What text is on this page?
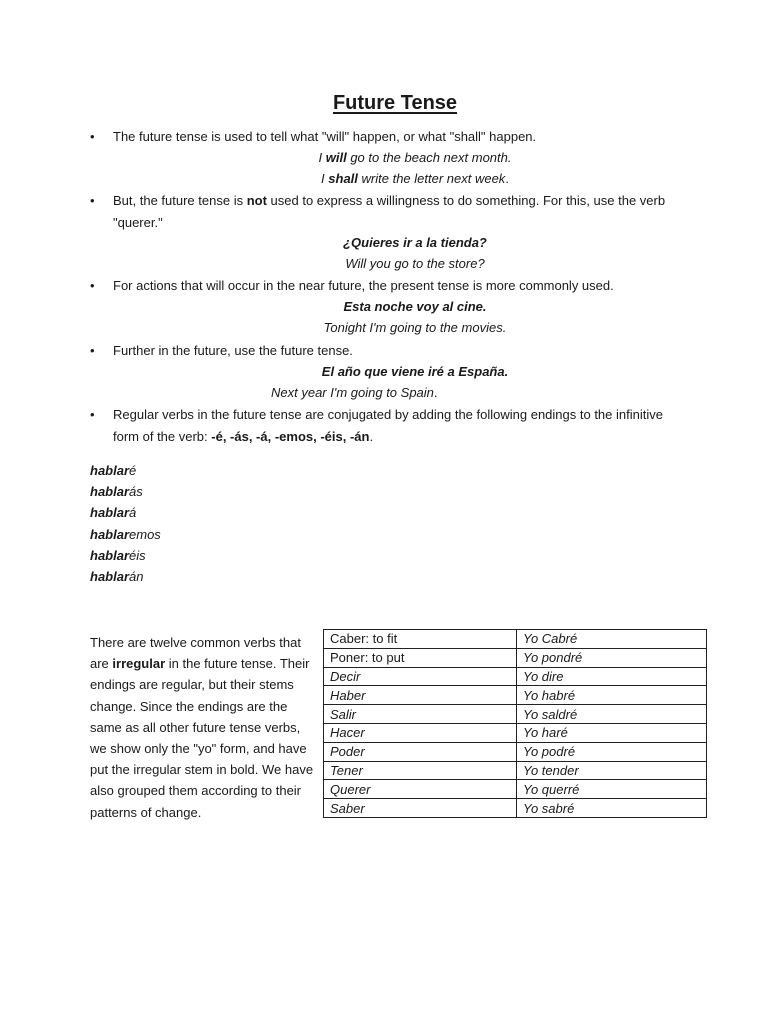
Future Tense
• The future tense is used to tell what "will" happen, or what "shall" happen.
I will go to the beach next month.
I shall write the letter next week.
• But, the future tense is not used to express a willingness to do something. For this, use the verb "querer."
¿Quieres ir a la tienda?
Will you go to the store?
• For actions that will occur in the near future, the present tense is more commonly used.
Esta noche voy al cine.
Tonight I'm going to the movies.
• Further in the future, use the future tense.
El año que viene iré a España.
Next year I'm going to Spain.
• Regular verbs in the future tense are conjugated by adding the following endings to the infinitive form of the verb: -é, -ás, -á, -emos, -éis, -án.
hablaré
hablarás
hablará
hablaremos
hablaréis
hablarán
There are twelve common verbs that are irregular in the future tense. Their endings are regular, but their stems change. Since the endings are the same as all other future tense verbs, we show only the "yo" form, and have put the irregular stem in bold. We have also grouped them according to their patterns of change.
Caber: to fit	Yo Cabré
Poner: to put	Yo pondré
Decir	Yo dire
Haber	Yo habré
Salir	Yo saldré
Hacer	Yo haré
Poder	Yo podré
Tener	Yo tender
Querer	Yo querré
Saber	Yo sabré
